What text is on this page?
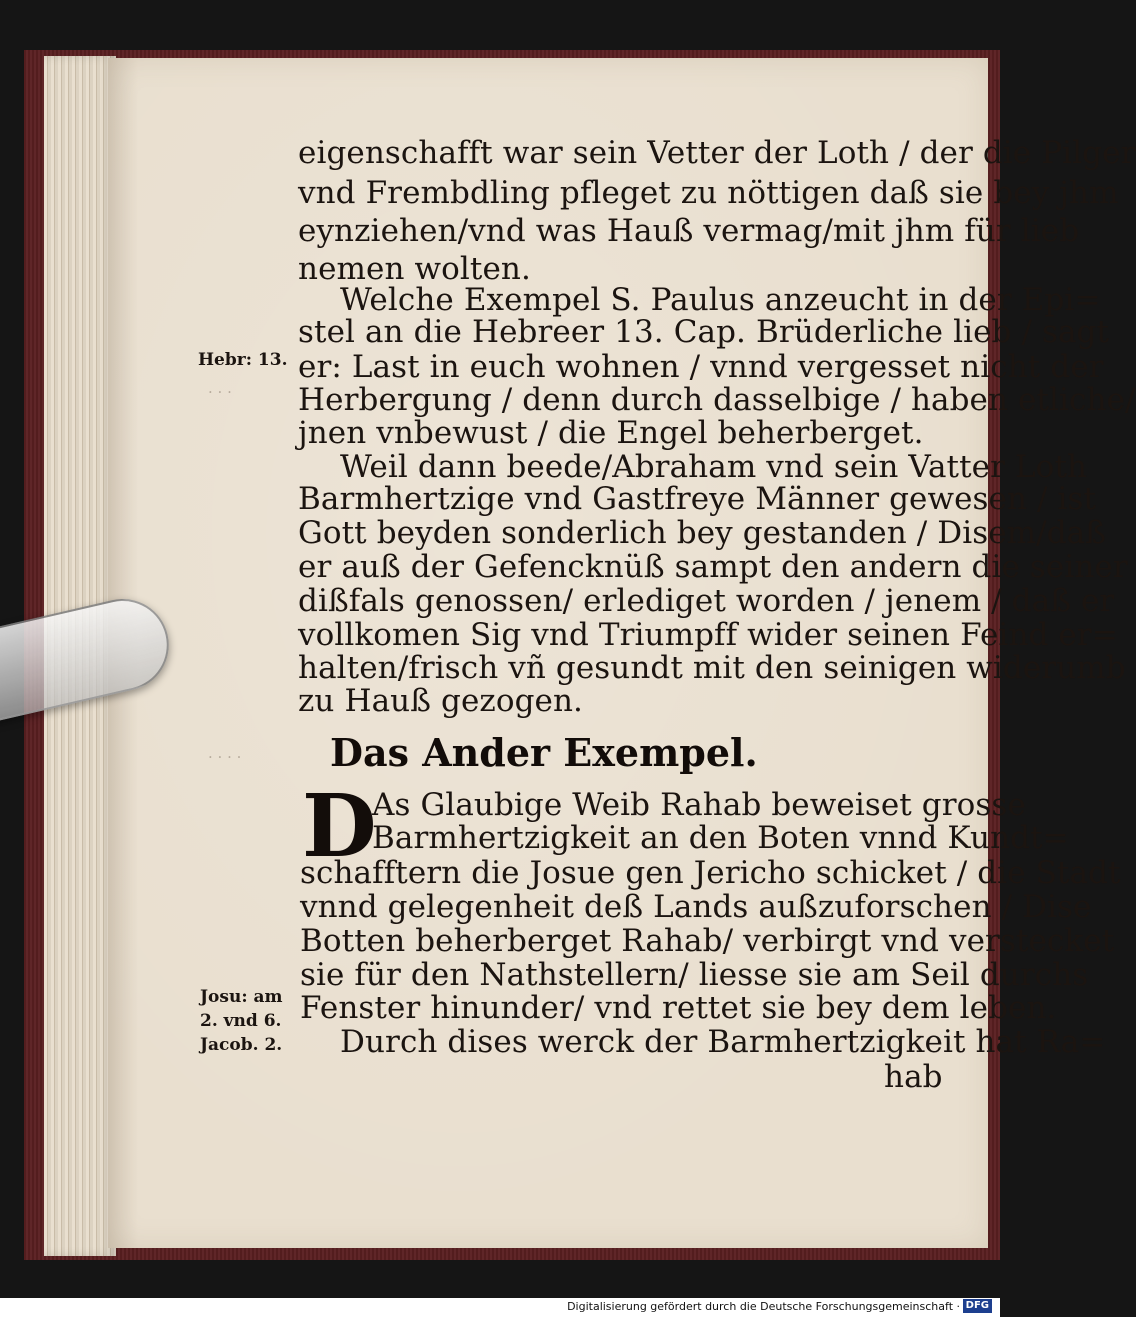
· · ·
· · · ·
eigenschafft war sein Vetter der Loth / der die Pilger
vnd Frembdling pfleget zu nöttigen daß sie bey jhm
eynziehen/vnd was Hauß vermag/mit jhm für lieb
nemen wolten.
Welche Exempel S. Paulus anzeucht in der Epi=
stel an die Hebreer 13. Cap. Brüderliche lieb / sagt
er: Last in euch wohnen / vnnd vergesset nicht der
Herbergung / denn durch dasselbige / haben etliche/
jnen vnbewust / die Engel beherberget.
Weil dann beede/Abraham vnd sein Vatter Loth
Barmhertzige vnd Gastfreye Männer gewesen / ist
Gott beyden sonderlich bey gestanden / Disem/daß
er auß der Gefencknüß sampt den andern die seiner
dißfals genossen/ erlediget worden / jenem / daß er
vollkomen Sig vnd Triumpff wider seinen Feind er=
halten/frisch vñ gesundt mit den seinigen widerumb
zu Hauß gezogen.
Das Ander Exempel.
D
As Glaubige Weib Rahab beweiset grosse
Barmhertzigkeit an den Boten vnnd Kundt=
schafftern die Josue gen Jericho schicket / die Stadt
vnnd gelegenheit deß Lands außzuforschen / Dise
Botten beherberget Rahab/ verbirgt vnd verstecket
sie für den Nathstellern/ liesse sie am Seil durchs
Fenster hinunder/ vnd rettet sie bey dem leben.
Durch dises werck der Barmhertzigkeit hat Ra=
hab
Hebr: 13.
Josu: am
2. vnd 6.
Jacob. 2.
Digitalisierung gefördert durch die Deutsche Forschungsgemeinschaft · DFG
